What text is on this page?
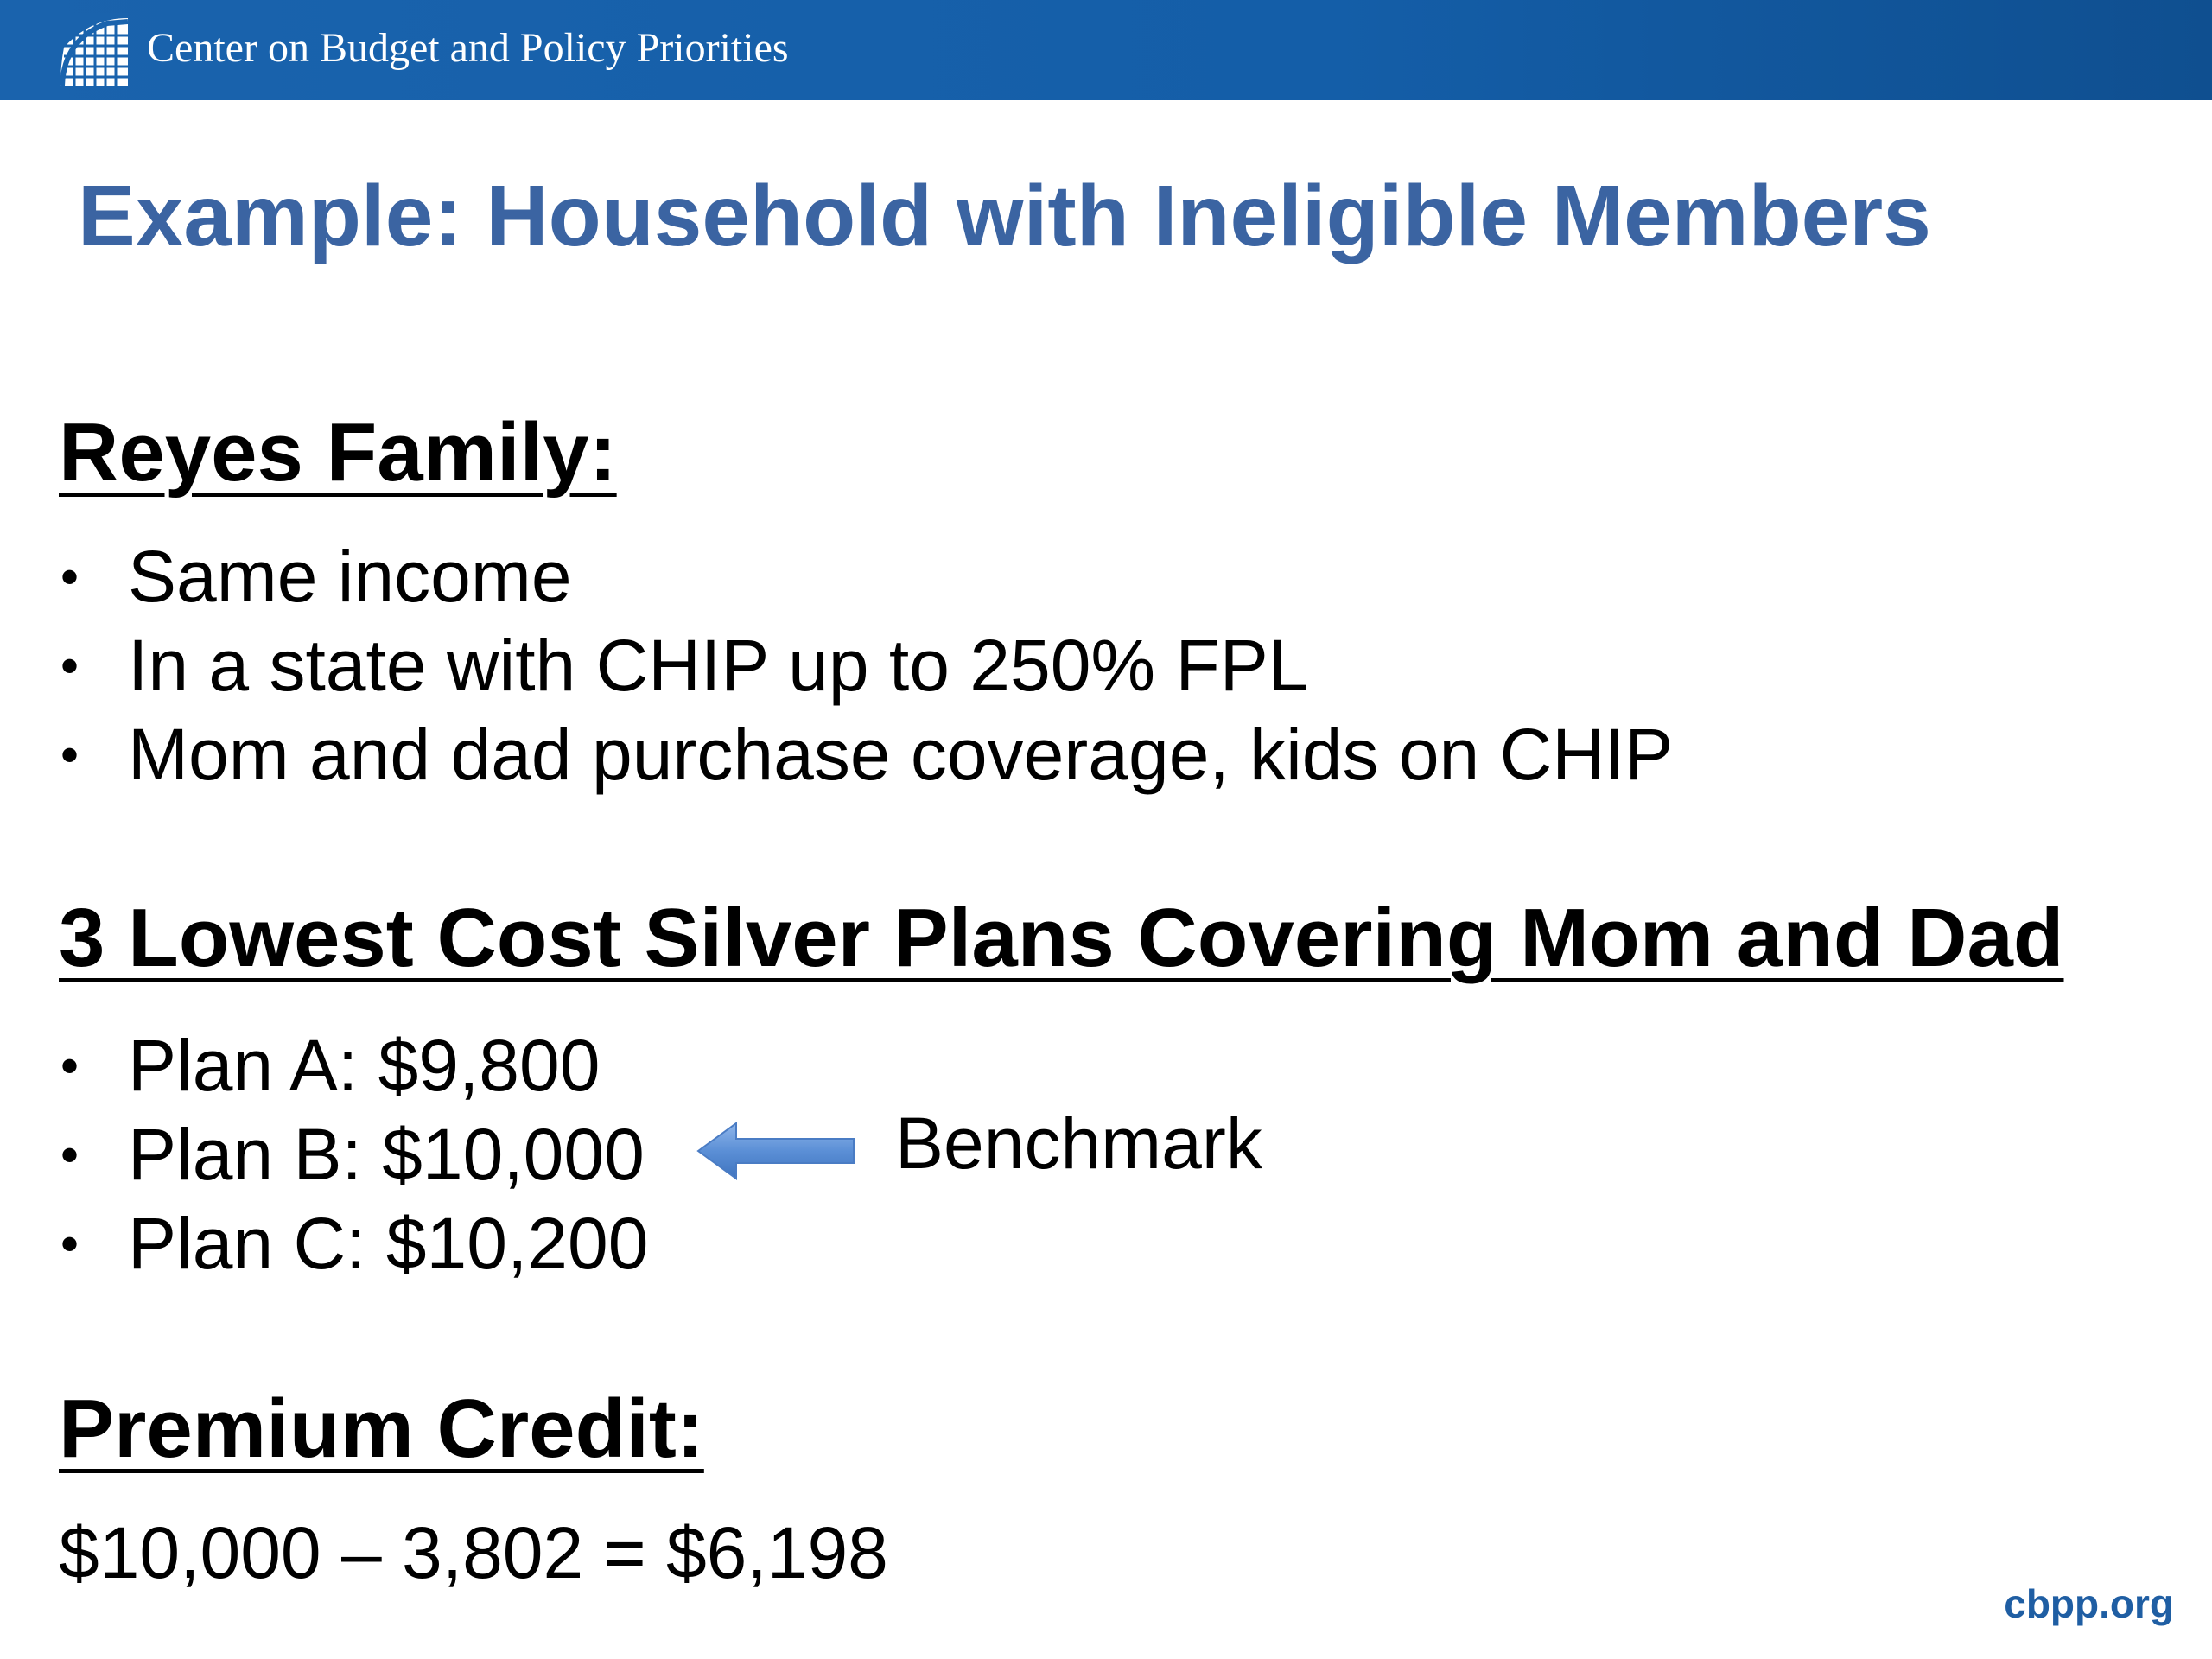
Center on Budget and Policy Priorities
Example: Household with Ineligible Members
Reyes Family:
• Same income
• In a state with CHIP up to 250% FPL
• Mom and dad purchase coverage, kids on CHIP
3 Lowest Cost Silver Plans Covering Mom and Dad
• Plan A: $9,800
• Plan B: $10,000
• Plan C: $10,200
Benchmark
Premium Credit:
$10,000 – 3,802 = $6,198
cbpp.org
